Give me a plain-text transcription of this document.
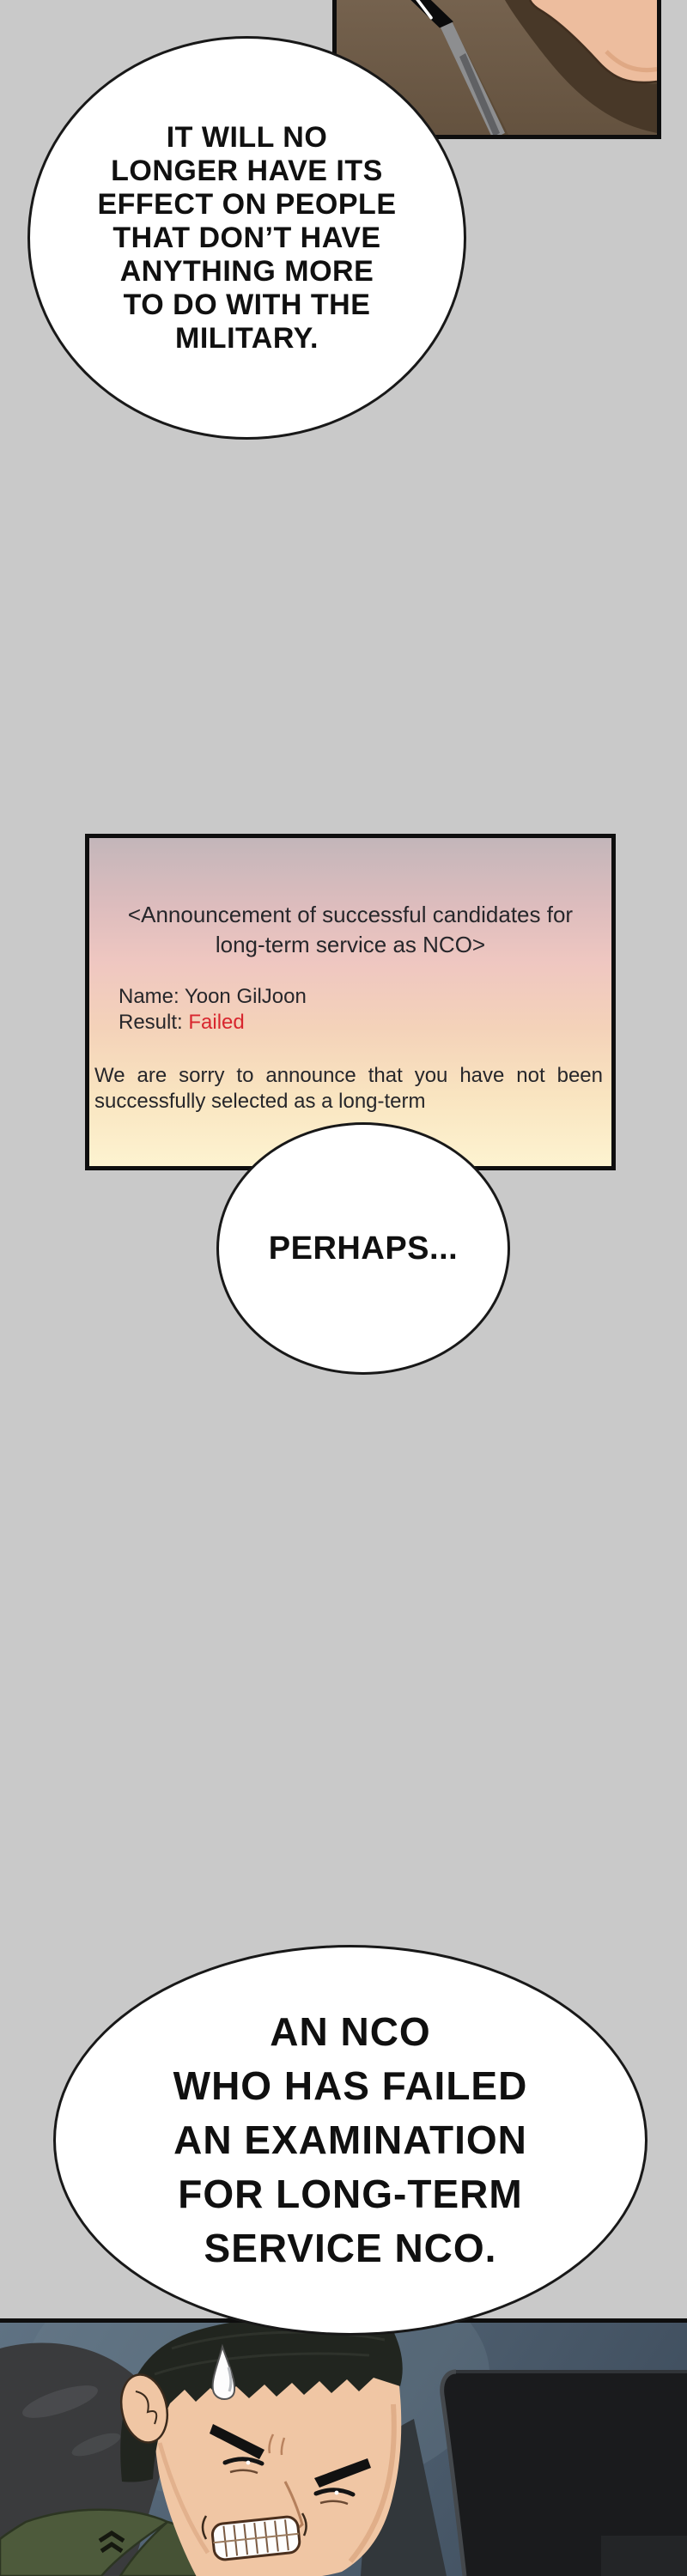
IT WILL NO
LONGER HAVE ITS
EFFECT ON PEOPLE
THAT DON’T HAVE
ANYTHING MORE
TO DO WITH THE
MILITARY.
<Announcement of successful candidates for
long-term service as NCO>
Name: Yoon GilJoon
Result: Failed

We are sorry to announce that you have not been successfully selected as a long-term

PERHAPS...
AN NCO
WHO HAS FAILED
AN EXAMINATION
FOR LONG-TERM
SERVICE NCO.
